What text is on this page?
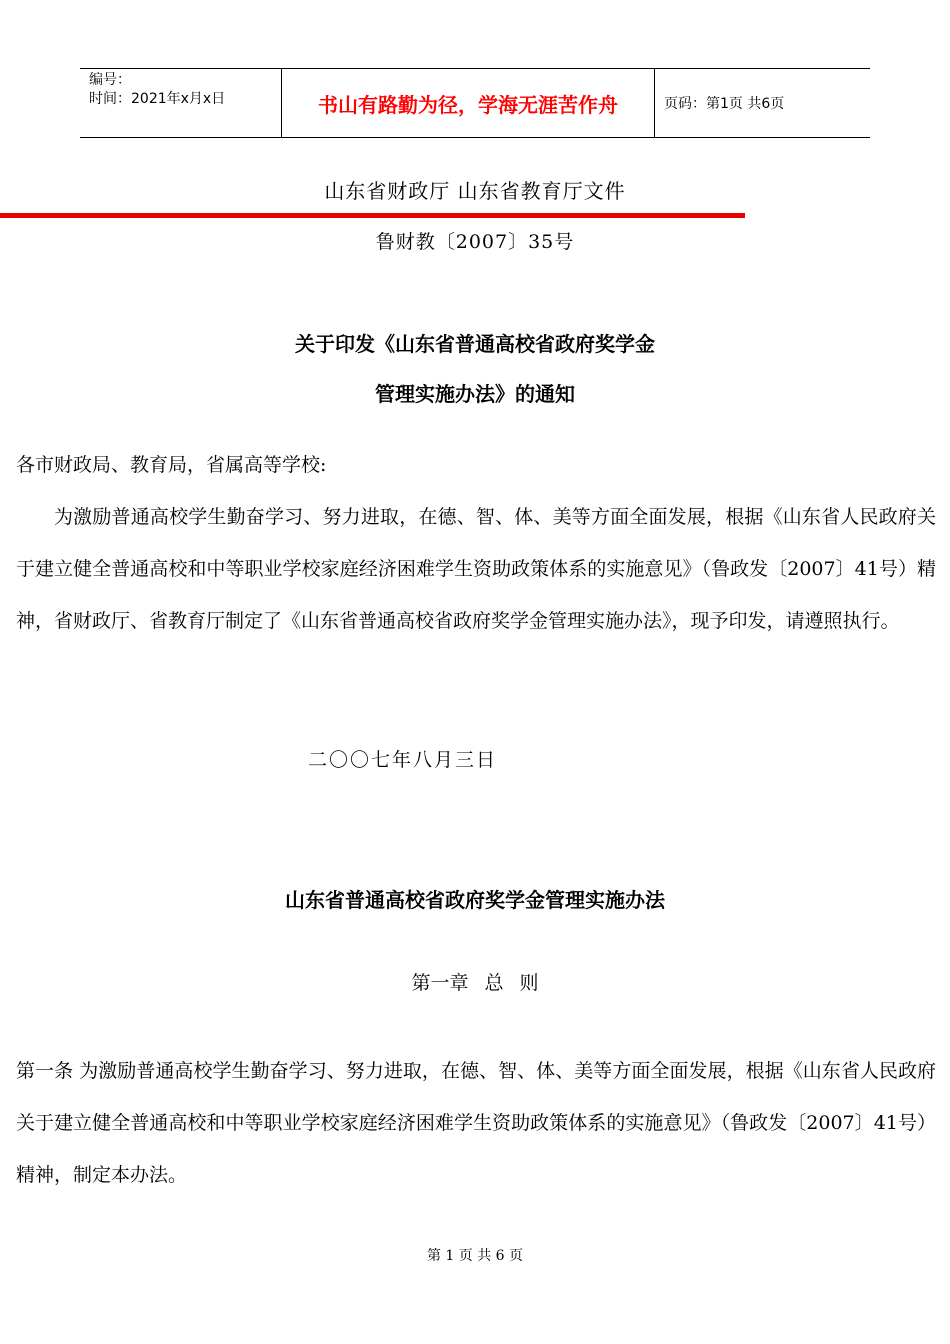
编号：
时间：2021年x月x日	书山有路勤为径，学海无涯苦作舟	页码：第1页 共6页
山东省财政厅 山东省教育厅文件
鲁财教〔2007〕35号
关于印发《山东省普通高校省政府奖学金
管理实施办法》的通知

各市财政局、教育局，省属高等学校:

为激励普通高校学生勤奋学习、努力进取，在德、智、体、美等方面全面发展，根据《山东省人民政府关于建立健全普通高校和中等职业学校家庭经济困难学生资助政策体系的实施意见》（鲁政发〔2007〕41号）精神，省财政厅、省教育厅制定了《山东省普通高校省政府奖学金管理实施办法》，现予印发，请遵照执行。

二〇〇七年八月三日
山东省普通高校省政府奖学金管理实施办法
第一章 总 则

第一条 为激励普通高校学生勤奋学习、努力进取，在德、智、体、美等方面全面发展，根据《山东省人民政府关于建立健全普通高校和中等职业学校家庭经济困难学生资助政策体系的实施意见》（鲁政发〔2007〕41号）精神，制定本办法。

第 1 页 共 6 页
